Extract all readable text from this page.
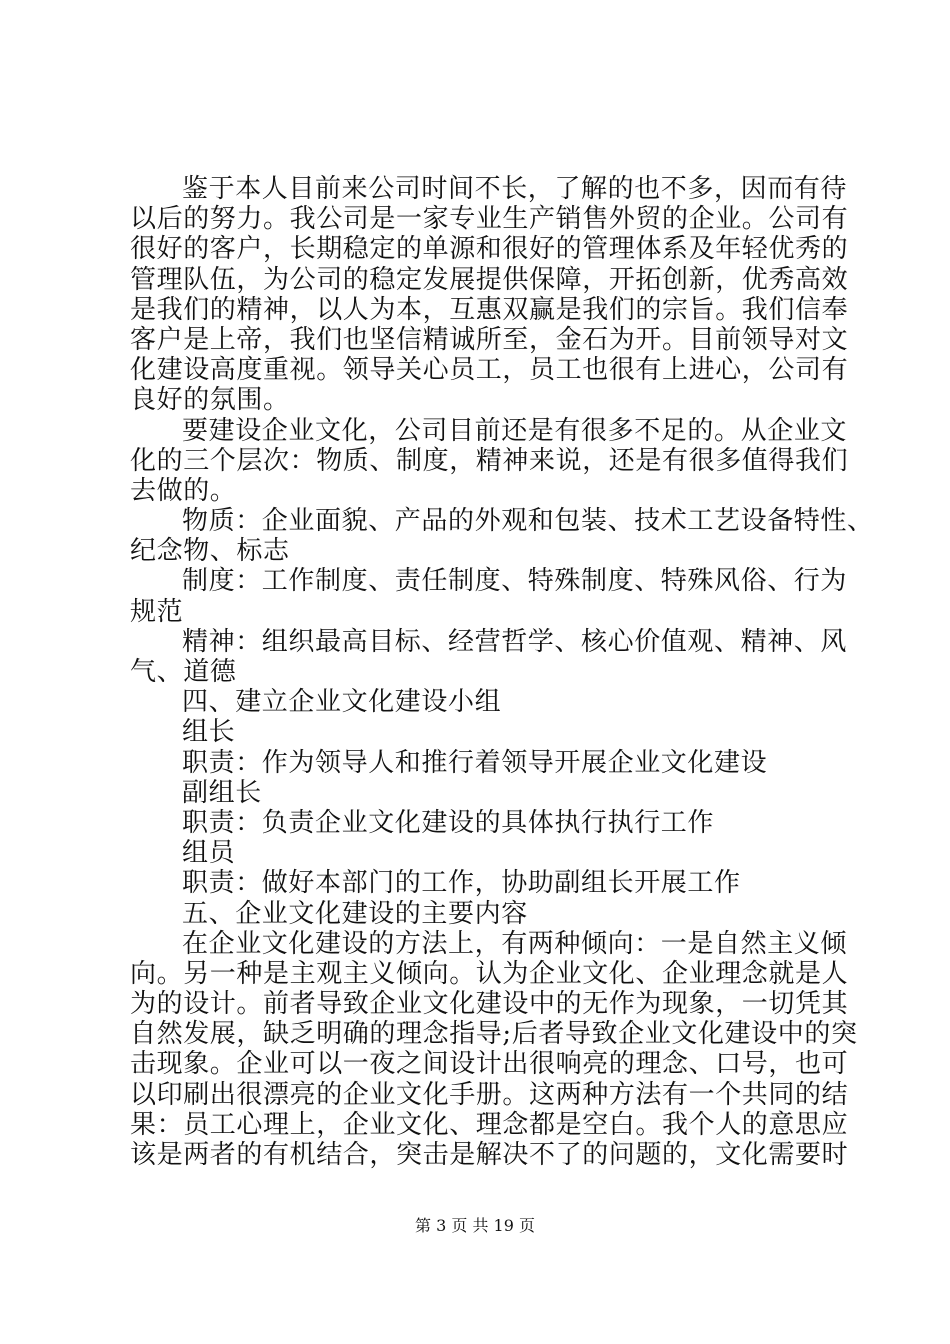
鉴于本人目前来公司时间不长，了解的也不多，因而有待
以后的努力。我公司是一家专业生产销售外贸的企业。公司有
很好的客户，长期稳定的单源和很好的管理体系及年轻优秀的
管理队伍，为公司的稳定发展提供保障，开拓创新，优秀高效
是我们的精神，以人为本，互惠双赢是我们的宗旨。我们信奉
客户是上帝，我们也坚信精诚所至，金石为开。目前领导对文
化建设高度重视。领导关心员工，员工也很有上进心，公司有
良好的氛围。
要建设企业文化，公司目前还是有很多不足的。从企业文
化的三个层次：物质、制度，精神来说，还是有很多值得我们
去做的。
物质：企业面貌、产品的外观和包装、技术工艺设备特性、
纪念物、标志
制度：工作制度、责任制度、特殊制度、特殊风俗、行为
规范
精神：组织最高目标、经营哲学、核心价值观、精神、风
气、道德
四、建立企业文化建设小组
组长
职责：作为领导人和推行着领导开展企业文化建设
副组长
职责：负责企业文化建设的具体执行执行工作
组员
职责：做好本部门的工作，协助副组长开展工作
五、企业文化建设的主要内容
在企业文化建设的方法上，有两种倾向：一是自然主义倾
向。另一种是主观主义倾向。认为企业文化、企业理念就是人
为的设计。前者导致企业文化建设中的无作为现象，一切凭其
自然发展，缺乏明确的理念指导;后者导致企业文化建设中的突
击现象。企业可以一夜之间设计出很响亮的理念、口号，也可
以印刷出很漂亮的企业文化手册。这两种方法有一个共同的结
果：员工心理上，企业文化、理念都是空白。我个人的意思应
该是两者的有机结合，突击是解决不了的问题的，文化需要时
第 3 页 共 19 页
